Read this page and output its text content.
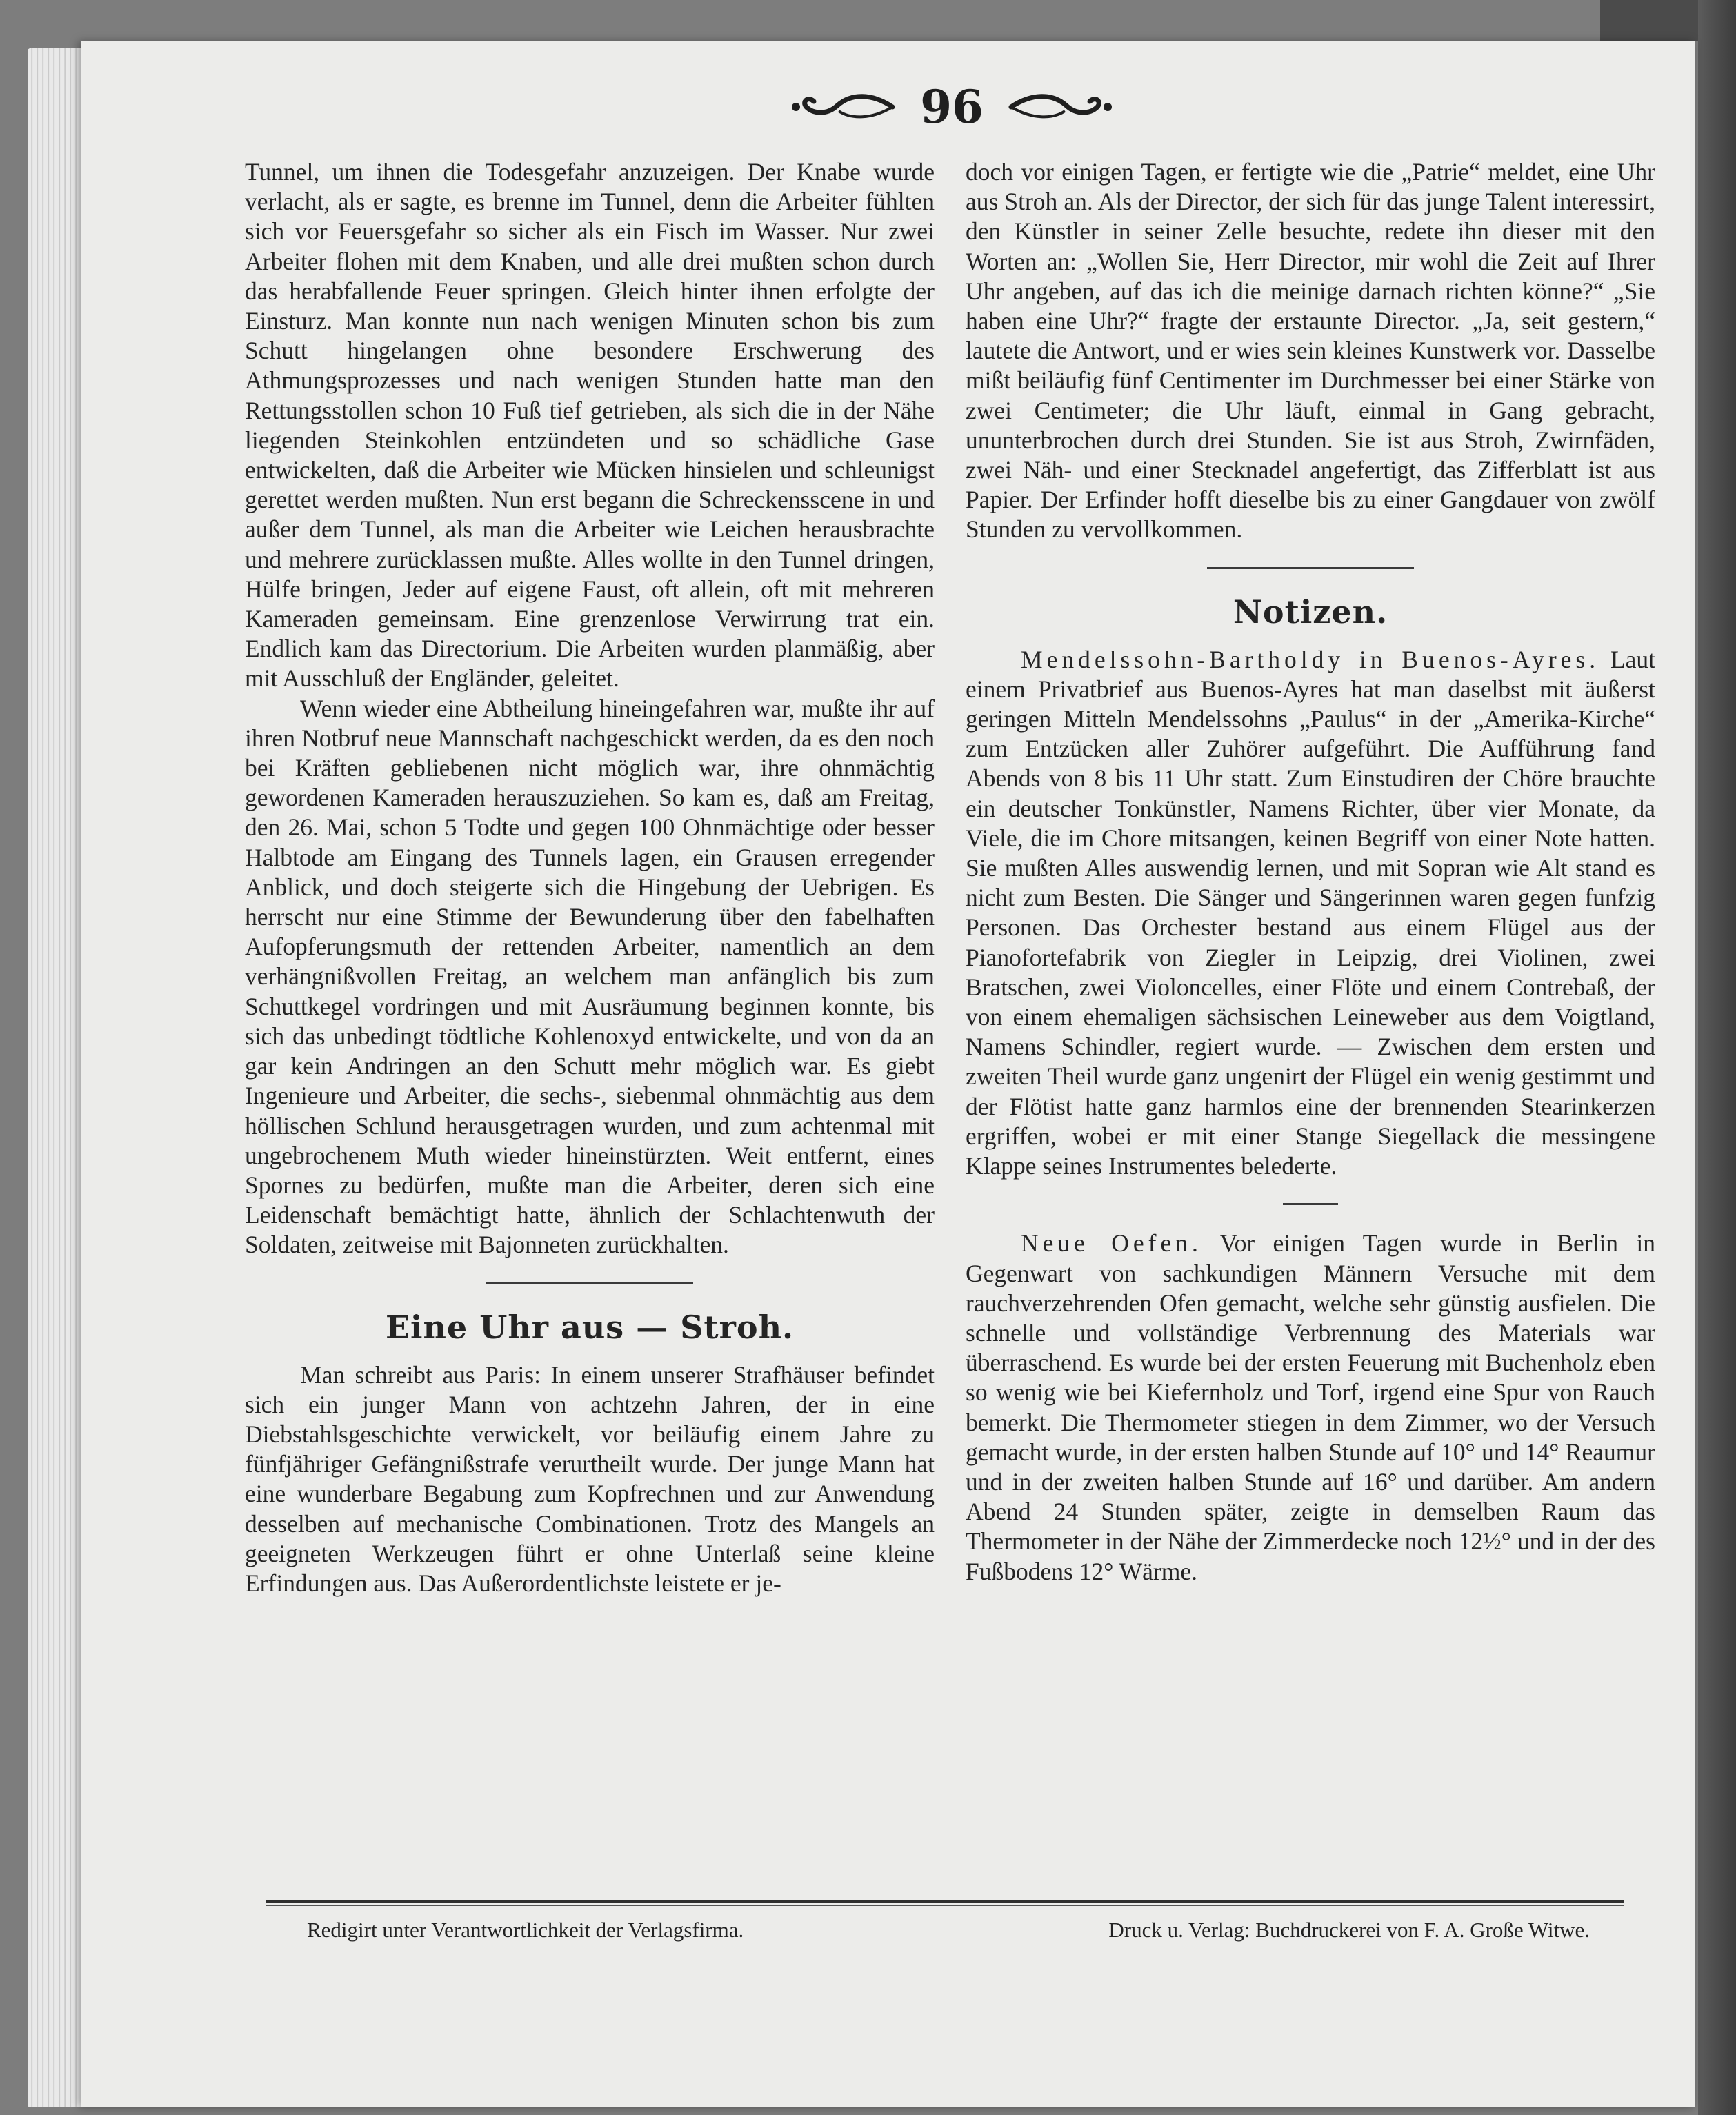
96

Tunnel, um ihnen die Todesgefahr anzuzeigen. Der Knabe wurde verlacht, als er sagte, es brenne im Tunnel, denn die Arbeiter fühlten sich vor Feuersgefahr so sicher als ein Fisch im Wasser. Nur zwei Arbeiter flohen mit dem Knaben, und alle drei mußten schon durch das herabfallende Feuer springen. Gleich hinter ihnen erfolgte der Einsturz. Man konnte nun nach wenigen Minuten schon bis zum Schutt hingelangen ohne besondere Erschwerung des Athmungsprozesses und nach wenigen Stunden hatte man den Rettungsstollen schon 10 Fuß tief getrieben, als sich die in der Nähe liegenden Steinkohlen entzündeten und so schädliche Gase entwickelten, daß die Arbeiter wie Mücken hinsielen und schleunigst gerettet werden mußten. Nun erst begann die Schreckensscene in und außer dem Tunnel, als man die Arbeiter wie Leichen herausbrachte und mehrere zurücklassen mußte. Alles wollte in den Tunnel dringen, Hülfe bringen, Jeder auf eigene Faust, oft allein, oft mit mehreren Kameraden gemeinsam. Eine grenzenlose Verwirrung trat ein. Endlich kam das Directorium. Die Arbeiten wurden planmäßig, aber mit Ausschluß der Engländer, geleitet.

Wenn wieder eine Abtheilung hineingefahren war, mußte ihr auf ihren Notbruf neue Mannschaft nachgeschickt werden, da es den noch bei Kräften gebliebenen nicht möglich war, ihre ohnmächtig gewordenen Kameraden herauszuziehen. So kam es, daß am Freitag, den 26. Mai, schon 5 Todte und gegen 100 Ohnmächtige oder besser Halbtode am Eingang des Tunnels lagen, ein Grausen erregender Anblick, und doch steigerte sich die Hingebung der Uebrigen. Es herrscht nur eine Stimme der Bewunderung über den fabelhaften Aufopferungsmuth der rettenden Arbeiter, namentlich an dem verhängnißvollen Freitag, an welchem man anfänglich bis zum Schuttkegel vordringen und mit Ausräumung beginnen konnte, bis sich das unbedingt tödtliche Kohlenoxyd entwickelte, und von da an gar kein Andringen an den Schutt mehr möglich war. Es giebt Ingenieure und Arbeiter, die sechs-, siebenmal ohnmächtig aus dem höllischen Schlund herausgetragen wurden, und zum achtenmal mit ungebrochenem Muth wieder hineinstürzten. Weit entfernt, eines Spornes zu bedürfen, mußte man die Arbeiter, deren sich eine Leidenschaft bemächtigt hatte, ähnlich der Schlachtenwuth der Soldaten, zeitweise mit Bajonneten zurückhalten.

Eine Uhr aus — Stroh.

Man schreibt aus Paris: In einem unserer Strafhäuser befindet sich ein junger Mann von achtzehn Jahren, der in eine Diebstahlsgeschichte verwickelt, vor beiläufig einem Jahre zu fünfjähriger Gefängnißstrafe verurtheilt wurde. Der junge Mann hat eine wunderbare Begabung zum Kopfrechnen und zur Anwendung desselben auf mechanische Combinationen. Trotz des Mangels an geeigneten Werkzeugen führt er ohne Unterlaß seine kleine Erfindungen aus. Das Außerordentlichste leistete er je-

doch vor einigen Tagen, er fertigte wie die „Patrie“ meldet, eine Uhr aus Stroh an. Als der Director, der sich für das junge Talent interessirt, den Künstler in seiner Zelle besuchte, redete ihn dieser mit den Worten an: „Wollen Sie, Herr Director, mir wohl die Zeit auf Ihrer Uhr angeben, auf das ich die meinige darnach richten könne?“ „Sie haben eine Uhr?“ fragte der erstaunte Director. „Ja, seit gestern,“ lautete die Antwort, und er wies sein kleines Kunstwerk vor. Dasselbe mißt beiläufig fünf Centimenter im Durchmesser bei einer Stärke von zwei Centimeter; die Uhr läuft, einmal in Gang gebracht, ununterbrochen durch drei Stunden. Sie ist aus Stroh, Zwirnfäden, zwei Näh- und einer Stecknadel angefertigt, das Zifferblatt ist aus Papier. Der Erfinder hofft dieselbe bis zu einer Gangdauer von zwölf Stunden zu vervollkommen.

Notizen.

Mendelssohn-Bartholdy in Buenos-Ayres. Laut einem Privatbrief aus Buenos-Ayres hat man daselbst mit äußerst geringen Mitteln Mendelssohns „Paulus“ in der „Amerika-Kirche“ zum Entzücken aller Zuhörer aufgeführt. Die Aufführung fand Abends von 8 bis 11 Uhr statt. Zum Einstudiren der Chöre brauchte ein deutscher Tonkünstler, Namens Richter, über vier Monate, da Viele, die im Chore mitsangen, keinen Begriff von einer Note hatten. Sie mußten Alles auswendig lernen, und mit Sopran wie Alt stand es nicht zum Besten. Die Sänger und Sängerinnen waren gegen funfzig Personen. Das Orchester bestand aus einem Flügel aus der Pianofortefabrik von Ziegler in Leipzig, drei Violinen, zwei Bratschen, zwei Violoncelles, einer Flöte und einem Contrebaß, der von einem ehemaligen sächsischen Leineweber aus dem Voigtland, Namens Schindler, regiert wurde. — Zwischen dem ersten und zweiten Theil wurde ganz ungenirt der Flügel ein wenig gestimmt und der Flötist hatte ganz harmlos eine der brennenden Stearinkerzen ergriffen, wobei er mit einer Stange Siegellack die messingene Klappe seines Instrumentes belederte.

Neue Oefen. Vor einigen Tagen wurde in Berlin in Gegenwart von sachkundigen Männern Versuche mit dem rauchverzehrenden Ofen gemacht, welche sehr günstig ausfielen. Die schnelle und vollständige Verbrennung des Materials war überraschend. Es wurde bei der ersten Feuerung mit Buchenholz eben so wenig wie bei Kiefernholz und Torf, irgend eine Spur von Rauch bemerkt. Die Thermometer stiegen in dem Zimmer, wo der Versuch gemacht wurde, in der ersten halben Stunde auf 10° und 14° Reaumur und in der zweiten halben Stunde auf 16° und darüber. Am andern Abend 24 Stunden später, zeigte in demselben Raum das Thermometer in der Nähe der Zimmerdecke noch 12½° und in der des Fußbodens 12° Wärme.

Redigirt unter Verantwortlichkeit der Verlagsfirma.	Druck u. Verlag: Buchdruckerei von F. A. Große Witwe.
